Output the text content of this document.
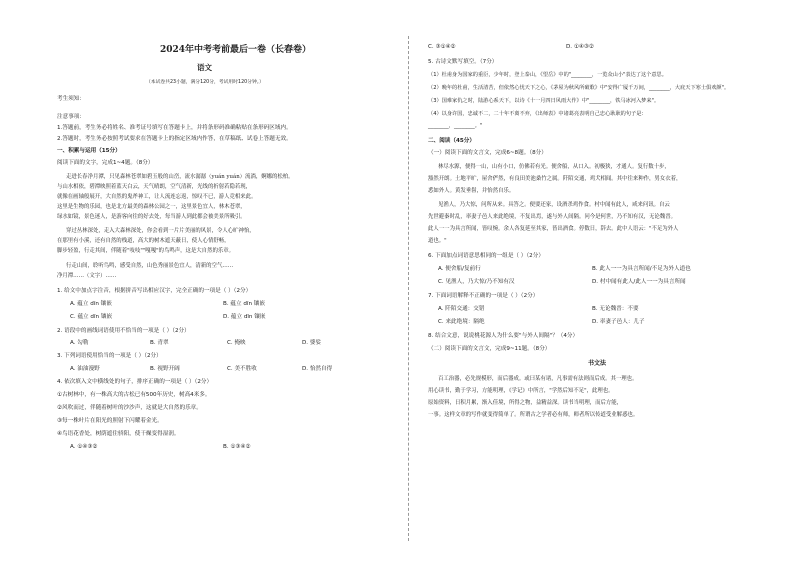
2024年中考考前最后一卷（长春卷）
语文
（本试卷共23小题，满分120分，考试用时120分钟。）
考生须知：
注意事项：
1.答题前，考生务必将姓名、准考证号填写在答题卡上，并将条形码准确粘贴在条形码区域内。
2.答题时，考生务必按照考试要求在答题卡上的指定区域内作答，在草稿纸、试卷上答题无效。
一、积累与运用（15分）
阅读下面的文字，完成1~4题。（8分）
走进长春净月潭，只见森林苍翠如碧玉般的山峦，流水潺潺（yuán yuán）流淌，婀娜的松柏。
与山水相依，碧潭映照着蓝天白云，天气晴朗，空气清新，光线的折射若隐若现，
就像在画轴般展开，大自然的鬼斧神工，让人流连忘返，惊叹不已，游人竞相来此。
这里是生物的乐园，也是北方最美的森林公园之一，这里景色宜人，林木苍翠，
绿水如镜，景色迷人，是游客向往的好去处，每当游人到此都会被美景所吸引。
穿过丛林深处，走入大森林深处，你会看到一片片美丽的风景，令人心旷神怡，
在那里有小溪，还有自然的栈道，高大的树木遮天蔽日，使人心情舒畅，
脚步轻盈，行走其间，伴随着"吱吱""嘎嘎"的鸟鸣声，这是大自然的乐章。
行走山间，聆听鸟鸣，感受自然，山色秀丽景色宜人，清新的空气……
净月潭……（文字）……
1. 给文中加点字注音，根据拼音写出相应汉字，完全正确的一项是（ ）（2分）
A. 蕴立 dīn 镶嵌	B. 蕴立 dīn 镶嵌
C. 蕴立 dīn 镶嵌	D. 蕴立 dīn 镶嵌
2. 语段中的画线词语使用不恰当的一项是（ ）（2分）
A. 勾勒	B. 青翠	C. 掩映	D. 婆娑
3. 下列词语使用恰当的一项是（ ）（2分）
A. 油油漫野	B. 视野开阔	C. 美不胜收	D. 怡然自得
4. 依次填入文中横线处的句子，排序正确的一项是（ ）（2分）
①古树林中，有一株高大的古松已有500年历史，树高4米多。
②风吹而过，伴随着树叶的沙沙声，这就是大自然的乐章。
③每一株叶片在阳光的照射下闪耀着金光。
④鸟语花香处，树荫遮住骄阳，使干燥变得湿润。
A. ①④③②	B. ①③④②
C. ③①④②	D. ①④③②
5. 古诗文默写填空。（7分）
（1）杜甫身为国家的重臣，少年时，登上泰山，《望岳》中的"________，一览众山小"表达了这个意思。
（2）晚年的杜甫，生活清苦，但依然心忧天下之心，《茅屋为秋风所破歌》中"安得广厦千万间，________，大庇天下寒士俱欢颜"。
（3）国难家仇之时，陆游心系天下，以诗《十一月四日风雨大作》中"________，铁马冰河入梦来"。
（4）以身许国，忠诚不二，二十年不离不弃，《出师表》中诸葛亮表明自己忠心耿耿的句子是：
________，________。"
二、阅读（45分）
（一）阅读下面的文言文，完成6~8题。（8分）
林尽水源，便得一山，山有小口，仿佛若有光。便舍船，从口入。初极狭，才通人。复行数十步，
豁然开朗。土地平旷，屋舍俨然，有良田美池桑竹之属。阡陌交通，鸡犬相闻。其中往来种作，男女衣着，
悉如外人。黄发垂髫，并怡然自乐。
见渔人，乃大惊，问所从来。具答之。便要还家，设酒杀鸡作食。村中闻有此人，咸来问讯。自云
先世避秦时乱，率妻子邑人来此绝境，不复出焉，遂与外人间隔。问今是何世，乃不知有汉，无论魏晋。
此人一一为具言所闻，皆叹惋。余人各复延至其家，皆出酒食。停数日，辞去。此中人语云："不足为外人
道也。"
6. 下面加点词语意思相同的一组是（ ）（2分）
A. 便舍船/复前行	B. 此人一一为具言所闻/不足为外人道也
C. 见渔人，乃大惊/乃不知有汉	D. 村中闻有此人/此人一一为具言所闻
7. 下面词语解释不正确的一项是（ ）（2分）
A. 阡陌交通：交错	B. 无论魏晋：不要
C. 来此绝境：隔绝	D. 率妻子邑人：儿子
8. 结合文意，说说桃花源人为什么要"与外人间隔"？（4分）
（二）阅读下面的文言文，完成9~11题。（8分）
书文法
百工治器，必先规模形，而后器成。或曰某有诸，凡事需有法则而后成。其一理也。
用心读书，勤于学习，方能明理，《学记》中所言，"学然后知不足"，此理也。
原始资料，日积月累，渐入佳境，所得之物，益精益深。读书当明理，而后方能，
一事。这样文章的写作就变得简单了。所谓古之学者必有师，师者所以传道受业解惑也。
